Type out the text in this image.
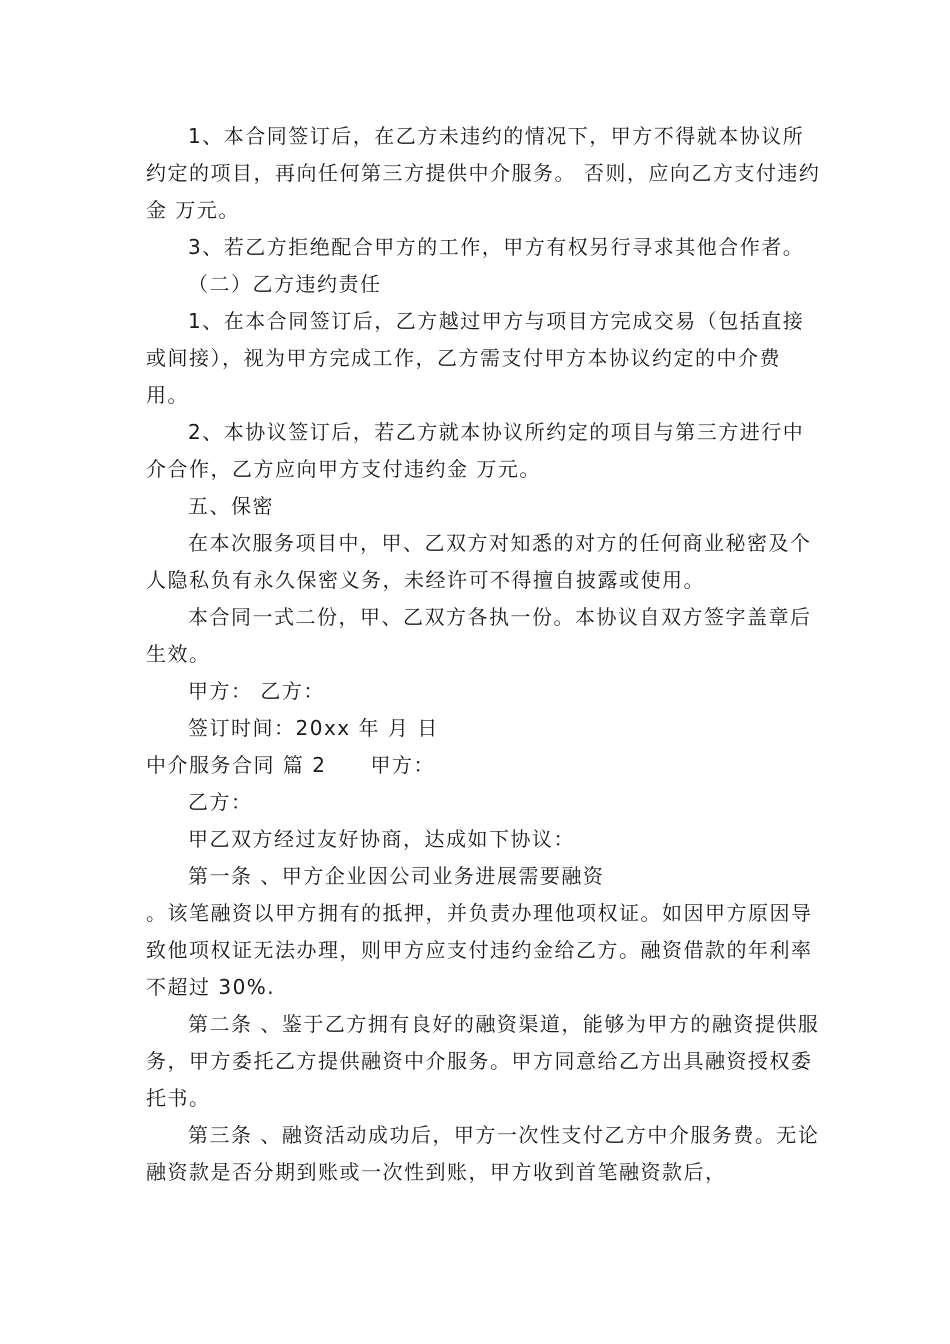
1、本合同签订后，在乙方未违约的情况下，甲方不得就本协议所约定的项目，再向任何第三方提供中介服务。 否则，应向乙方支付违约金 万元。

3、若乙方拒绝配合甲方的工作，甲方有权另行寻求其他合作者。

（二）乙方违约责任

1、在本合同签订后，乙方越过甲方与项目方完成交易（包括直接或间接），视为甲方完成工作，乙方需支付甲方本协议约定的中介费用。

2、本协议签订后，若乙方就本协议所约定的项目与第三方进行中介合作，乙方应向甲方支付违约金 万元。

五、保密

在本次服务项目中，甲、乙双方对知悉的对方的任何商业秘密及个人隐私负有永久保密义务，未经许可不得擅自披露或使用。

本合同一式二份，甲、乙双方各执一份。本协议自双方签字盖章后生效。

甲方： 乙方：

签订时间：20xx 年 月 日

中介服务合同 篇 2 甲方：

乙方：

甲乙双方经过友好协商，达成如下协议：

第一条 、甲方企业因公司业务进展需要融资

。该笔融资以甲方拥有的抵押，并负责办理他项权证。如因甲方原因导致他项权证无法办理，则甲方应支付违约金给乙方。融资借款的年利率不超过 30%.

第二条 、鉴于乙方拥有良好的融资渠道，能够为甲方的融资提供服务，甲方委托乙方提供融资中介服务。甲方同意给乙方出具融资授权委托书。

第三条 、融资活动成功后，甲方一次性支付乙方中介服务费。无论融资款是否分期到账或一次性到账，甲方收到首笔融资款后，
